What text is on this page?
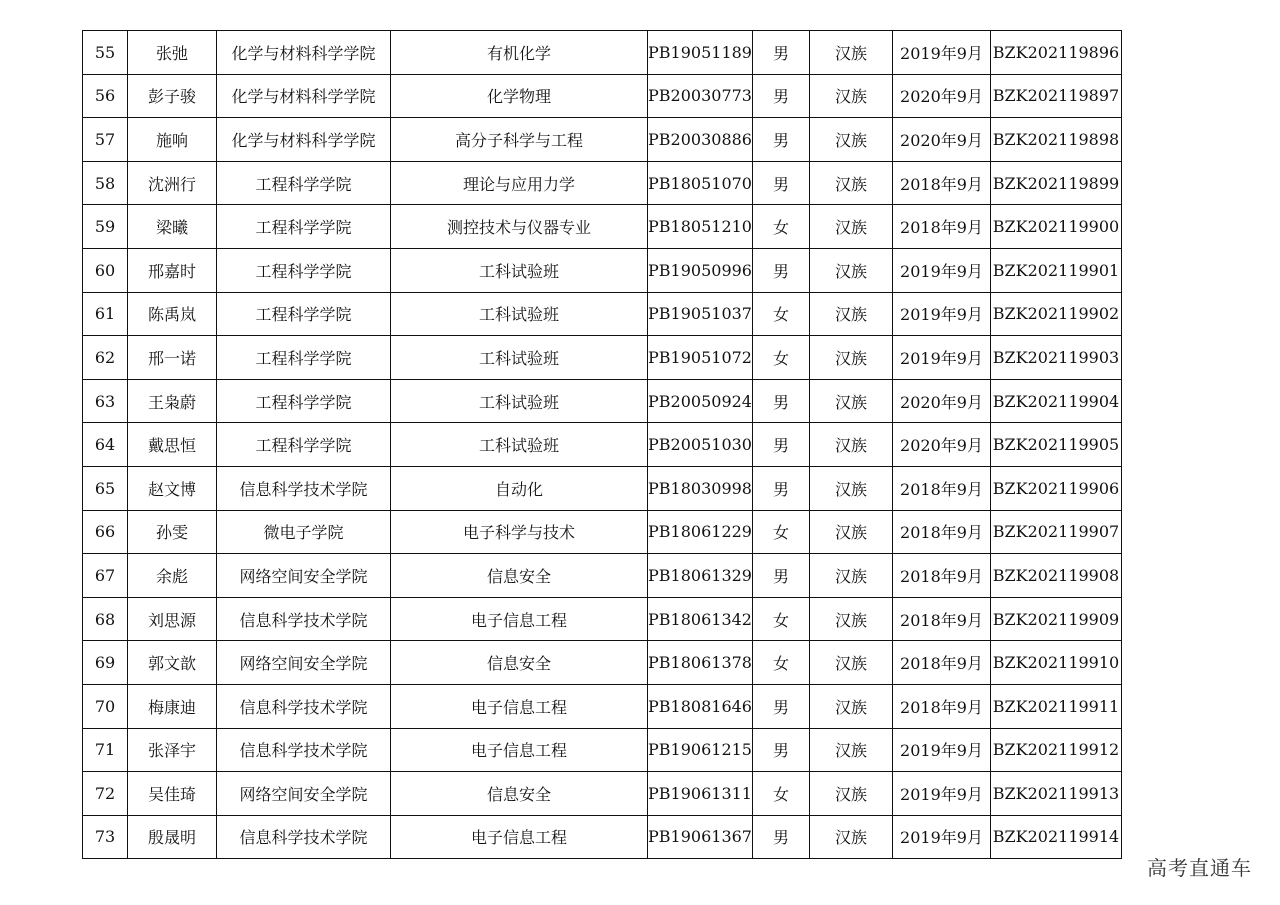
55	张弛	化学与材料科学学院	有机化学	PB19051189	男	汉族	2019年9月	BZK202119896
56	彭子骏	化学与材料科学学院	化学物理	PB20030773	男	汉族	2020年9月	BZK202119897
57	施响	化学与材料科学学院	高分子科学与工程	PB20030886	男	汉族	2020年9月	BZK202119898
58	沈洲行	工程科学学院	理论与应用力学	PB18051070	男	汉族	2018年9月	BZK202119899
59	梁曦	工程科学学院	测控技术与仪器专业	PB18051210	女	汉族	2018年9月	BZK202119900
60	邢嘉时	工程科学学院	工科试验班	PB19050996	男	汉族	2019年9月	BZK202119901
61	陈禹岚	工程科学学院	工科试验班	PB19051037	女	汉族	2019年9月	BZK202119902
62	邢一诺	工程科学学院	工科试验班	PB19051072	女	汉族	2019年9月	BZK202119903
63	王枭蔚	工程科学学院	工科试验班	PB20050924	男	汉族	2020年9月	BZK202119904
64	戴思恒	工程科学学院	工科试验班	PB20051030	男	汉族	2020年9月	BZK202119905
65	赵文博	信息科学技术学院	自动化	PB18030998	男	汉族	2018年9月	BZK202119906
66	孙雯	微电子学院	电子科学与技术	PB18061229	女	汉族	2018年9月	BZK202119907
67	余彪	网络空间安全学院	信息安全	PB18061329	男	汉族	2018年9月	BZK202119908
68	刘思源	信息科学技术学院	电子信息工程	PB18061342	女	汉族	2018年9月	BZK202119909
69	郭文歆	网络空间安全学院	信息安全	PB18061378	女	汉族	2018年9月	BZK202119910
70	梅康迪	信息科学技术学院	电子信息工程	PB18081646	男	汉族	2018年9月	BZK202119911
71	张泽宇	信息科学技术学院	电子信息工程	PB19061215	男	汉族	2019年9月	BZK202119912
72	吴佳琦	网络空间安全学院	信息安全	PB19061311	女	汉族	2019年9月	BZK202119913
73	殷晟明	信息科学技术学院	电子信息工程	PB19061367	男	汉族	2019年9月	BZK202119914
高考直通车
